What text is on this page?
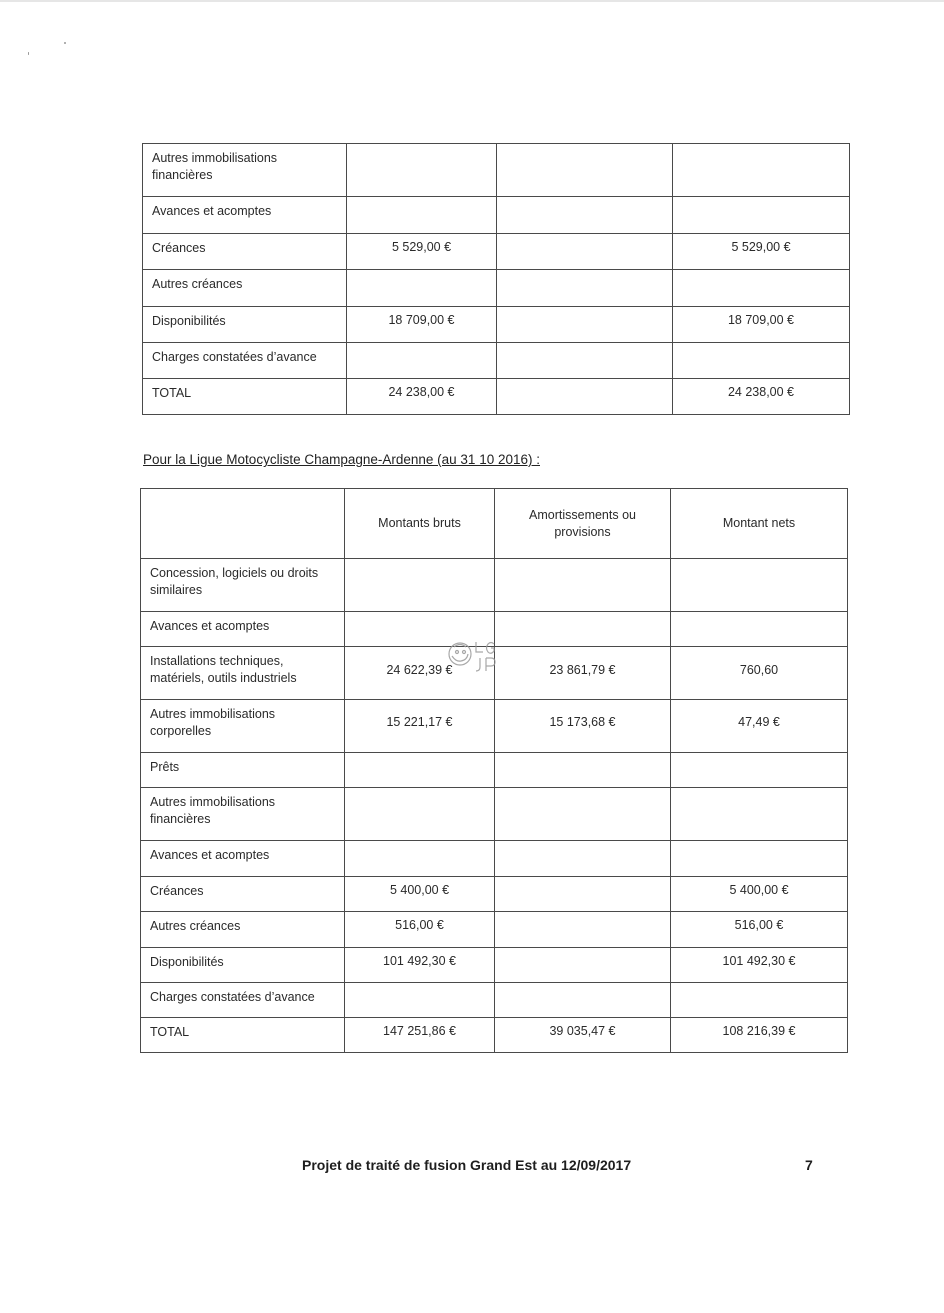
Autres immobilisations financières			
Avances et acomptes			
Créances	5 529,00 €		5 529,00 €
Autres créances			
Disponibilités	18 709,00 €		18 709,00 €
Charges constatées d’avance			
TOTAL	24 238,00 €		24 238,00 €
Pour la Ligue Motocycliste Champagne-Ardenne (au 31 10 2016) :
	Montants bruts	Amortissements ou provisions	Montant nets
Concession, logiciels ou droits similaires			
Avances et acomptes			
Installations techniques, matériels, outils industriels	24 622,39 €	23 861,79 €	760,60
Autres immobilisations corporelles	15 221,17 €	15 173,68 €	47,49 €
Prêts			
Autres immobilisations financières			
Avances et acomptes			
Créances	5 400,00 €		5 400,00 €
Autres créances	516,00 €		516,00 €
Disponibilités	101 492,30 €		101 492,30 €
Charges constatées d’avance			
TOTAL	147 251,86 €	39 035,47 €	108 216,39 €
Projet de traité de fusion Grand Est au 12/09/2017	7
